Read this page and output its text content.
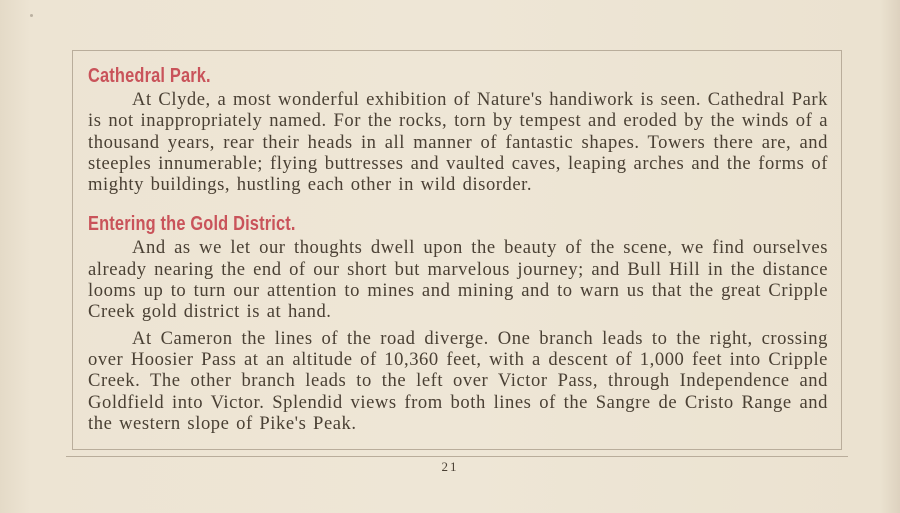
Cathedral Park.

At Clyde, a most wonderful exhibition of Nature's handiwork is seen. Cathedral Park is not inappropriately named. For the rocks, torn by tempest and eroded by the winds of a thousand years, rear their heads in all manner of fantastic shapes. Towers there are, and steeples innumerable; flying buttresses and vaulted caves, leaping arches and the forms of mighty buildings, hustling each other in wild disorder.

Entering the Gold District.

And as we let our thoughts dwell upon the beauty of the scene, we find ourselves already nearing the end of our short but marvelous journey; and Bull Hill in the distance looms up to turn our attention to mines and mining and to warn us that the great Cripple Creek gold district is at hand.

At Cameron the lines of the road diverge. One branch leads to the right, crossing over Hoosier Pass at an altitude of 10,360 feet, with a descent of 1,000 feet into Cripple Creek. The other branch leads to the left over Victor Pass, through Independence and Goldfield into Victor. Splendid views from both lines of the Sangre de Cristo Range and the western slope of Pike's Peak.

21
